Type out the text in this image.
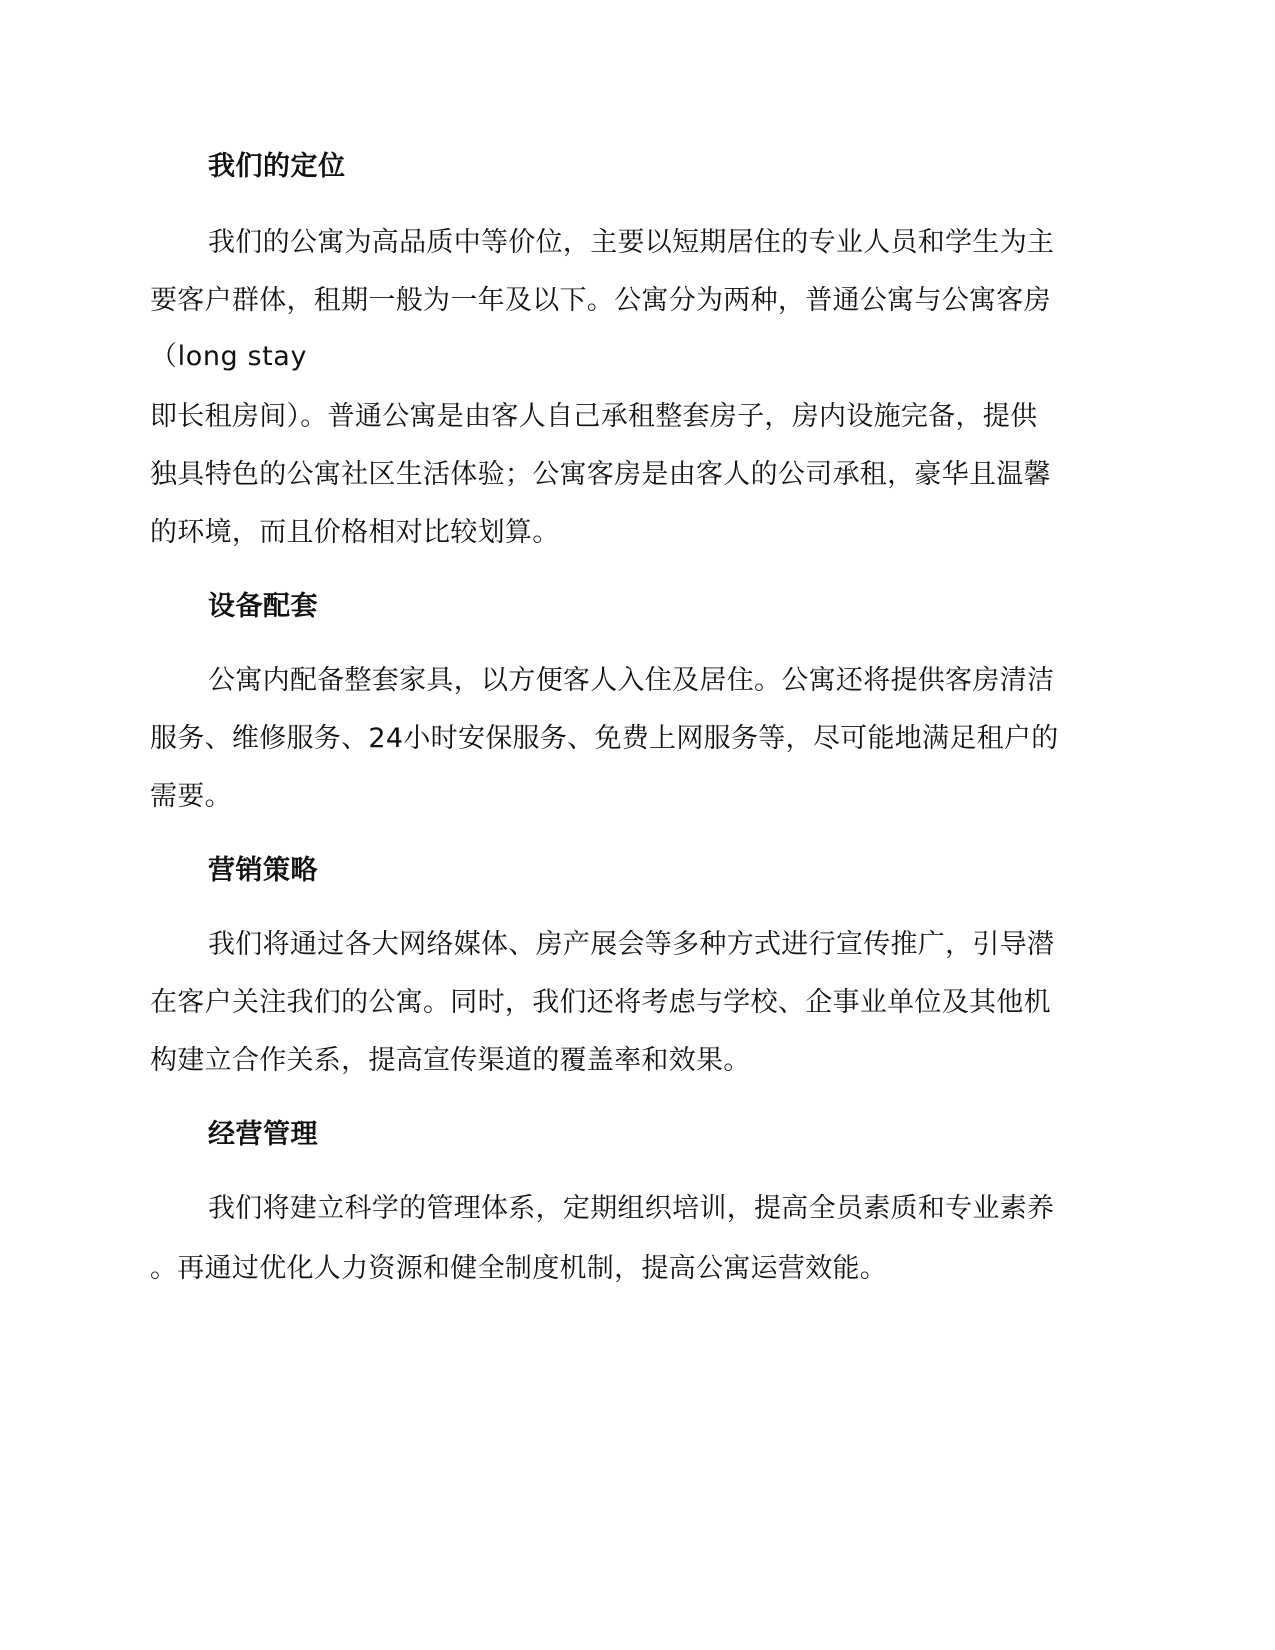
我们的定位
我们的公寓为高品质中等价位，主要以短期居住的专业人员和学生为主
要客户群体，租期一般为一年及以下。公寓分为两种，普通公寓与公寓客房
（long stay
即长租房间）。普通公寓是由客人自己承租整套房子，房内设施完备，提供
独具特色的公寓社区生活体验；公寓客房是由客人的公司承租，豪华且温馨
的环境，而且价格相对比较划算。
设备配套
公寓内配备整套家具，以方便客人入住及居住。公寓还将提供客房清洁
服务、维修服务、24小时安保服务、免费上网服务等，尽可能地满足租户的
需要。
营销策略
我们将通过各大网络媒体、房产展会等多种方式进行宣传推广，引导潜
在客户关注我们的公寓。同时，我们还将考虑与学校、企事业单位及其他机
构建立合作关系，提高宣传渠道的覆盖率和效果。
经营管理
我们将建立科学的管理体系，定期组织培训，提高全员素质和专业素养
。再通过优化人力资源和健全制度机制，提高公寓运营效能。
